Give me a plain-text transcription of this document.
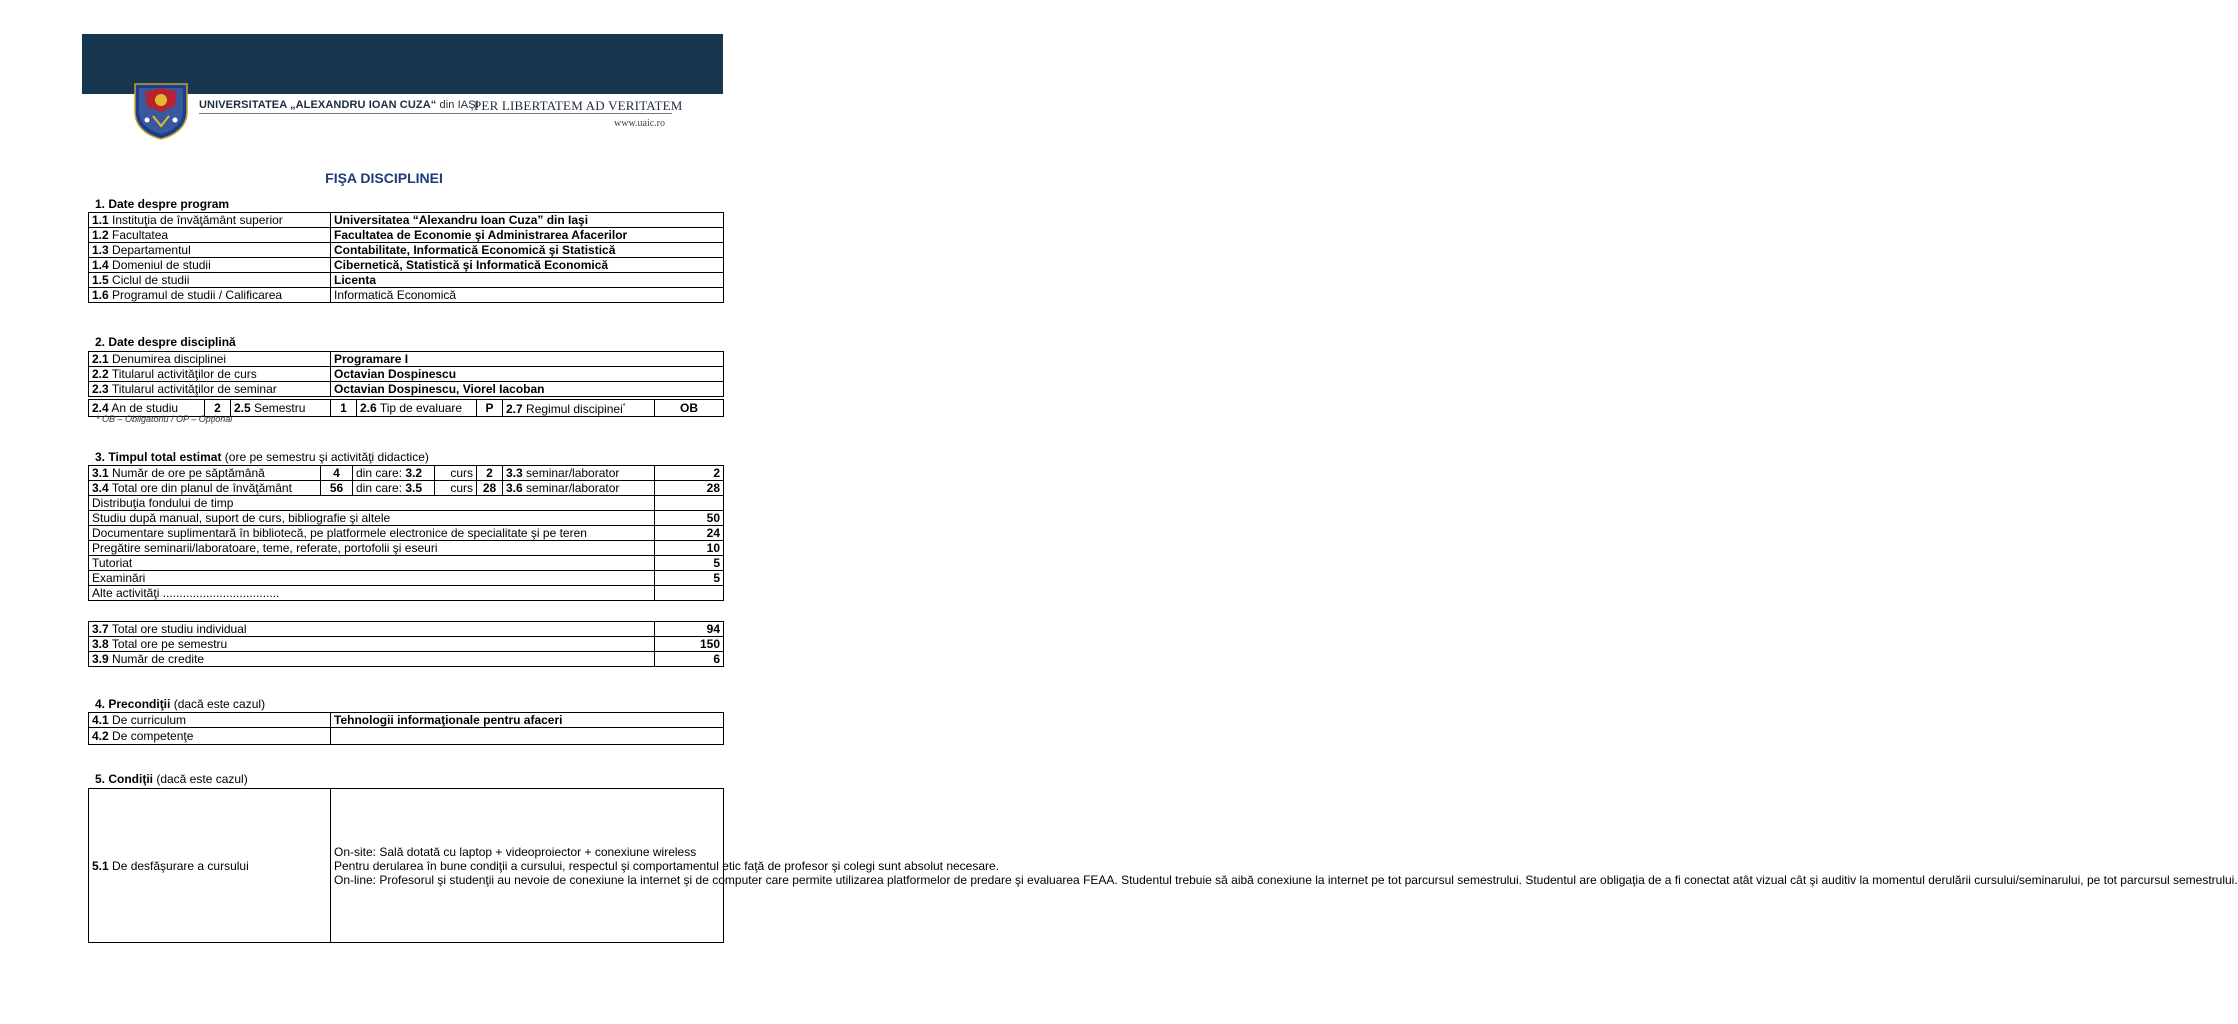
UNIVERSITATEA „ALEXANDRU IOAN CUZA“ din IAŞI
PER LIBERTATEM AD VERITATEM
www.uaic.ro
FIŞA DISCIPLINEI
1. Date despre program
1.1 Instituţia de învăţământ superior	Universitatea “Alexandru Ioan Cuza” din Iaşi
1.2 Facultatea	Facultatea de Economie şi Administrarea Afacerilor
1.3 Departamentul	Contabilitate, Informatică Economică şi Statistică
1.4 Domeniul de studii	Cibernetică, Statistică şi Informatică Economică
1.5 Ciclul de studii	Licenta
1.6 Programul de studii / Calificarea	Informatică Economică
2. Date despre disciplină
2.1 Denumirea disciplinei	Programare I
2.2 Titularul activităţilor de curs	Octavian Dospinescu
2.3 Titularul activităţilor de seminar	Octavian Dospinescu, Viorel Iacoban
2.4 An de studiu	2	2.5 Semestru	1	2.6 Tip de evaluare	P	2.7 Regimul discipinei*	OB
* OB – Obligatoriu / OP – Opţional
3. Timpul total estimat (ore pe semestru şi activităţi didactice)
3.1 Număr de ore pe săptămână	4	din care: 3.2	curs	2	3.3 seminar/laborator	2
3.4 Total ore din planul de învăţământ	56	din care: 3.5	curs	28	3.6 seminar/laborator	28
Distribuţia fondului de timp						
Studiu după manual, suport de curs, bibliografie şi altele						50
Documentare suplimentară în bibliotecă, pe platformele electronice de specialitate şi pe teren						24
Pregătire seminarii/laboratoare, teme, referate, portofolii şi eseuri						10
Tutoriat						5
Examinări						5
Alte activităţi ...................................						
3.7 Total ore studiu individual	94
3.8 Total ore pe semestru	150
3.9 Număr de credite	6
4. Precondiţii (dacă este cazul)
4.1 De curriculum	Tehnologii informaţionale pentru afaceri
4.2 De competenţe	
5. Condiţii (dacă este cazul)
5.1 De desfăşurare a cursului	

On-site: Sală dotată cu laptop + videoproiector + conexiune wireless

Pentru derularea în bune condiţii a cursului, respectul şi comportamentul etic faţă de profesor şi colegi sunt absolut necesare.

On-line: Profesorul şi studenţii au nevoie de conexiune la internet şi de computer care permite utilizarea platformelor de predare şi evaluarea FEAA. Studentul trebuie să aibă conexiune la internet pe tot parcursul semestrului. Studentul are obligaţia de a fi conectat atât vizual cât şi auditiv la momentul derulării cursului/seminarului, pe tot parcursul semestrului.
